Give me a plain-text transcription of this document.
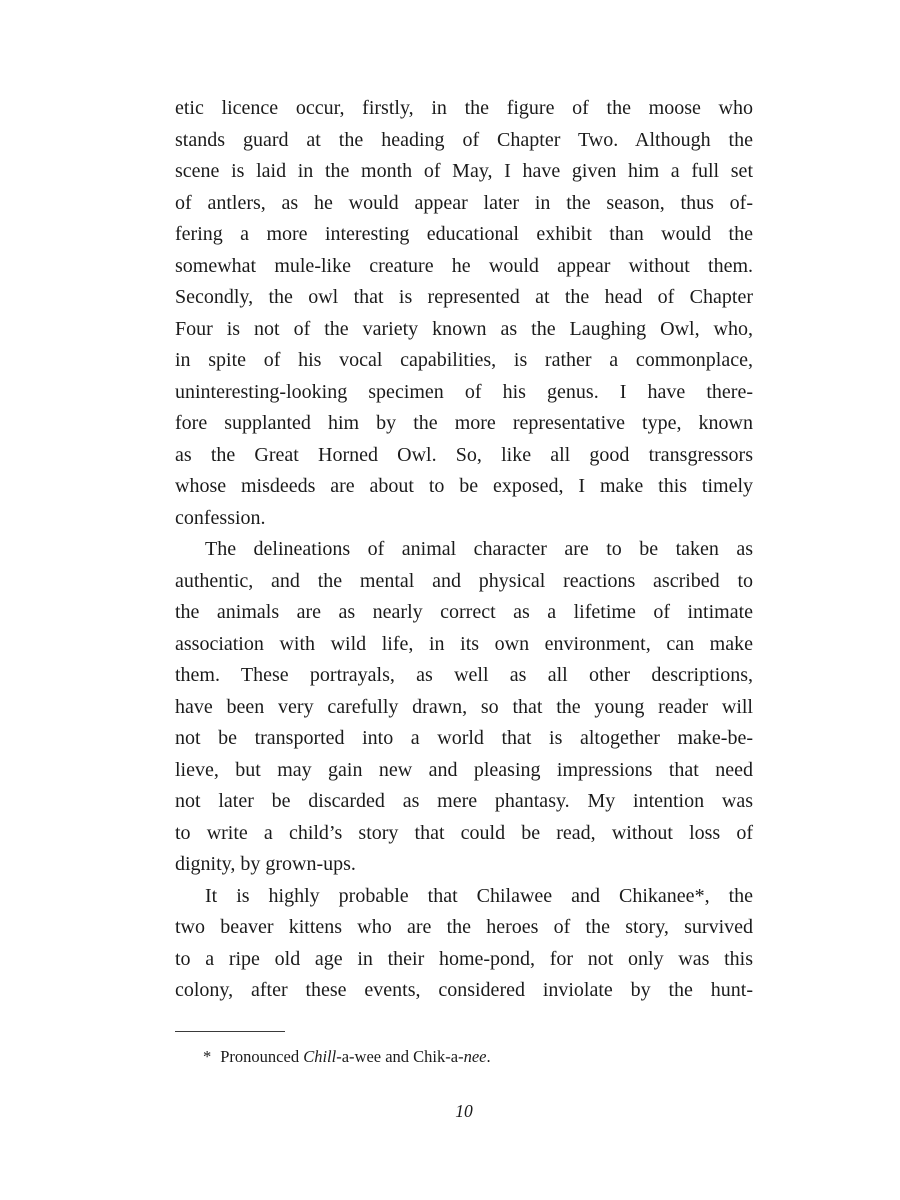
etic licence occur, firstly, in the figure of the moose who
stands guard at the heading of Chapter Two. Although the
scene is laid in the month of May, I have given him a full set
of antlers, as he would appear later in the season, thus of-
fering a more interesting educational exhibit than would the
somewhat mule-like creature he would appear without them.
Secondly, the owl that is represented at the head of Chapter
Four is not of the variety known as the Laughing Owl, who,
in spite of his vocal capabilities, is rather a commonplace,
uninteresting-looking specimen of his genus. I have there-
fore supplanted him by the more representative type, known
as the Great Horned Owl. So, like all good transgressors
whose misdeeds are about to be exposed, I make this timely
confession.
The delineations of animal character are to be taken as
authentic, and the mental and physical reactions ascribed to
the animals are as nearly correct as a lifetime of intimate
association with wild life, in its own environment, can make
them. These portrayals, as well as all other descriptions,
have been very carefully drawn, so that the young reader will
not be transported into a world that is altogether make-be-
lieve, but may gain new and pleasing impressions that need
not later be discarded as mere phantasy. My intention was
to write a child’s story that could be read, without loss of
dignity, by grown-ups.
It is highly probable that Chilawee and Chikanee*, the
two beaver kittens who are the heroes of the story, survived
to a ripe old age in their home-pond, for not only was this
colony, after these events, considered inviolate by the hunt-
* Pronounced Chill-a-wee and Chik-a-nee.
10
